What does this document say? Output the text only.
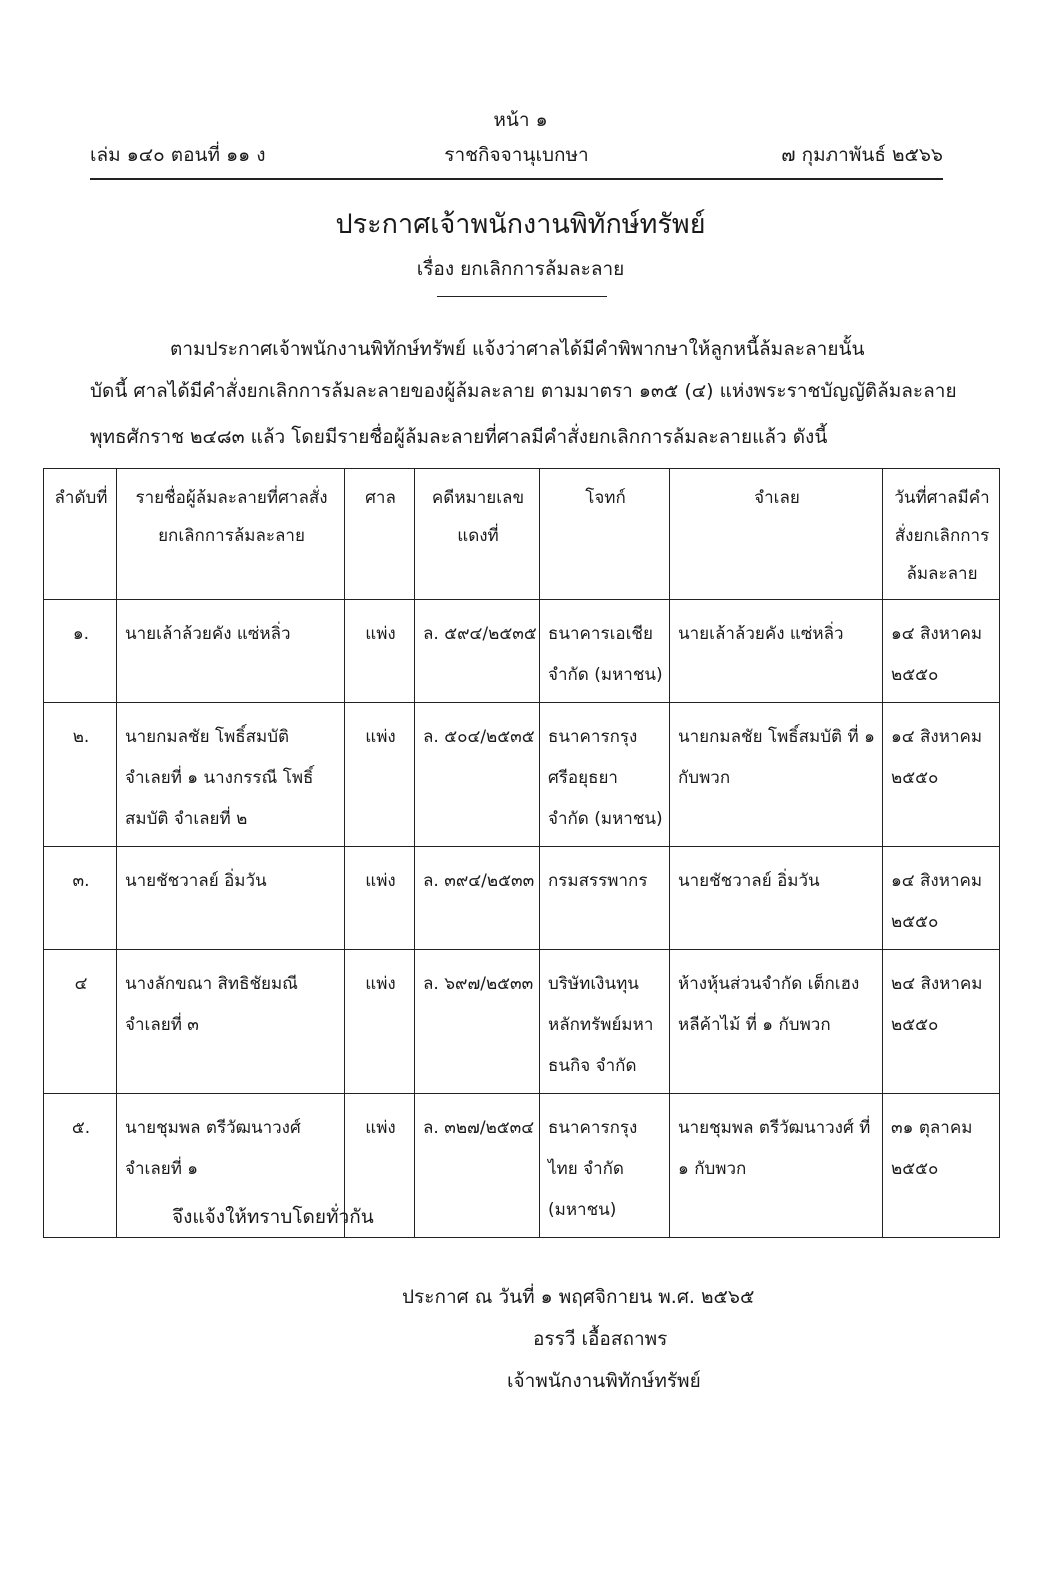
หน้า ๑
เล่ม ๑๔๐ ตอนที่ ๑๑ ง	ราชกิจจานุเบกษา	๗ กุมภาพันธ์ ๒๕๖๖
ประกาศเจ้าพนักงานพิทักษ์ทรัพย์
เรื่อง ยกเลิกการล้มละลาย
ตามประกาศเจ้าพนักงานพิทักษ์ทรัพย์ แจ้งว่าศาลได้มีคำพิพากษาให้ลูกหนี้ล้มละลายนั้น
บัดนี้ ศาลได้มีคำสั่งยกเลิกการล้มละลายของผู้ล้มละลาย ตามมาตรา ๑๓๕ (๔) แห่งพระราชบัญญัติล้มละลาย
พุทธศักราช ๒๔๘๓ แล้ว โดยมีรายชื่อผู้ล้มละลายที่ศาลมีคำสั่งยกเลิกการล้มละลายแล้ว ดังนี้
ลำดับที่	รายชื่อผู้ล้มละลายที่ศาลสั่งยกเลิกการล้มละลาย	ศาล	คดีหมายเลขแดงที่	โจทก์	จำเลย	วันที่ศาลมีคำสั่งยกเลิกการล้มละลาย
๑.	นายเล้าล้วยคัง แซ่หลิ่ว	แพ่ง	ล. ๕๙๔/๒๕๓๕	ธนาคารเอเชีย จำกัด (มหาชน)	นายเล้าล้วยคัง แซ่หลิ่ว	๑๔ สิงหาคม ๒๕๕๐
๒.	นายกมลชัย โพธิ์สมบัติ จำเลยที่ ๑ นางกรรณี โพธิ์สมบัติ จำเลยที่ ๒	แพ่ง	ล. ๕๐๔/๒๕๓๕	ธนาคารกรุงศรีอยุธยา จำกัด (มหาชน)	นายกมลชัย โพธิ์สมบัติ ที่ ๑ กับพวก	๑๔ สิงหาคม ๒๕๕๐
๓.	นายชัชวาลย์ อิ่มวัน	แพ่ง	ล. ๓๙๔/๒๕๓๓	กรมสรรพากร	นายชัชวาลย์ อิ่มวัน	๑๔ สิงหาคม ๒๕๕๐
๔	นางลักขณา สิทธิชัยมณี จำเลยที่ ๓	แพ่ง	ล. ๖๙๗/๒๕๓๓	บริษัทเงินทุนหลักทรัพย์มหาธนกิจ จำกัด	ห้างหุ้นส่วนจำกัด เต็กเฮงหลีค้าไม้ ที่ ๑ กับพวก	๒๔ สิงหาคม ๒๕๕๐
๕.	นายชุมพล ตรีวัฒนาวงศ์ จำเลยที่ ๑	แพ่ง	ล. ๓๒๗/๒๕๓๔	ธนาคารกรุงไทย จำกัด (มหาชน)	นายชุมพล ตรีวัฒนาวงศ์ ที่ ๑ กับพวก	๓๑ ตุลาคม ๒๕๕๐
จึงแจ้งให้ทราบโดยทั่วกัน
ประกาศ ณ วันที่ ๑ พฤศจิกายน พ.ศ. ๒๕๖๕
อรรวี เอื้อสถาพร
เจ้าพนักงานพิทักษ์ทรัพย์
